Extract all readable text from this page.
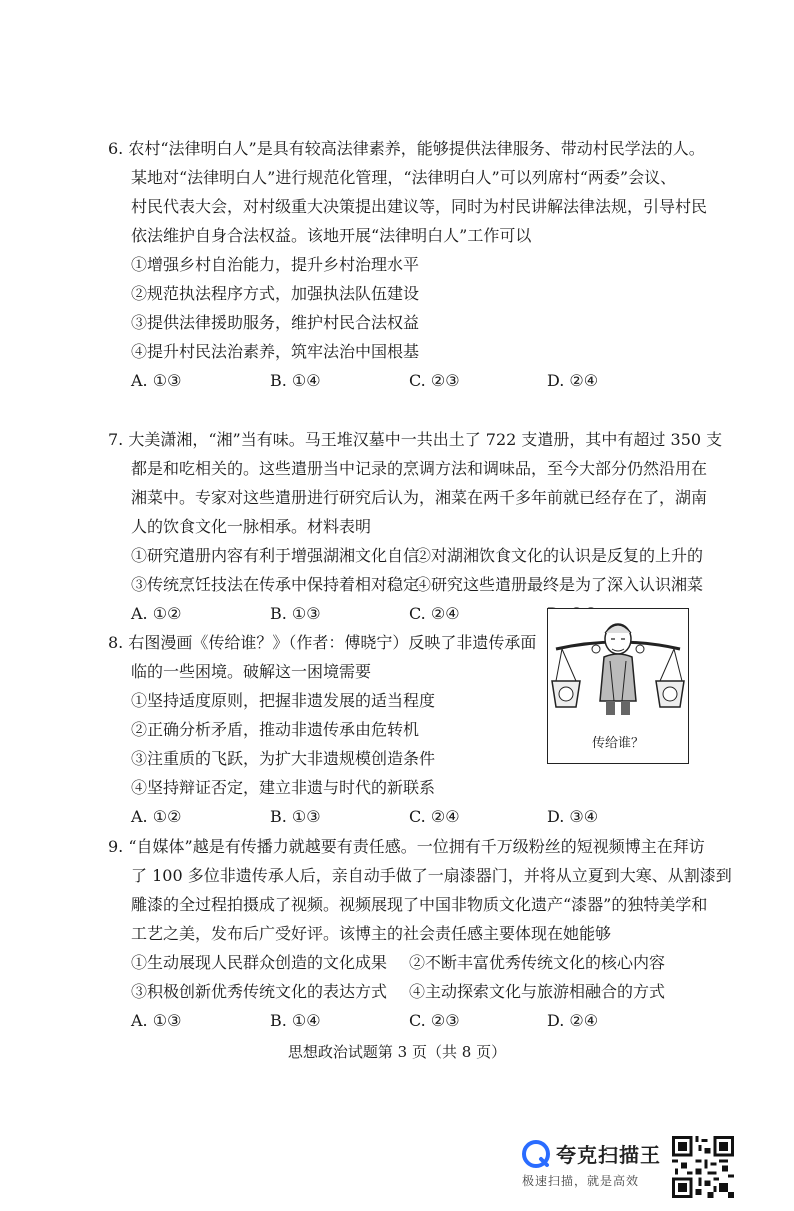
6. 农村“法律明白人”是具有较高法律素养，能够提供法律服务、带动村民学法的人。
某地对“法律明白人”进行规范化管理，“法律明白人”可以列席村“两委”会议、
村民代表大会，对村级重大决策提出建议等，同时为村民讲解法律法规，引导村民
依法维护自身合法权益。该地开展“法律明白人”工作可以
①增强乡村自治能力，提升乡村治理水平
②规范执法程序方式，加强执法队伍建设
③提供法律援助服务，维护村民合法权益
④提升村民法治素养，筑牢法治中国根基
A. ①③	B. ①④	C. ②③	D. ②④
7. 大美潇湘，“湘”当有味。马王堆汉墓中一共出土了 722 支遣册，其中有超过 350 支
都是和吃相关的。这些遣册当中记录的烹调方法和调味品，至今大部分仍然沿用在
湘菜中。专家对这些遣册进行研究后认为，湘菜在两千多年前就已经存在了，湖南
人的饮食文化一脉相承。材料表明
①研究遣册内容有利于增强湖湘文化自信
②对湖湘饮食文化的认识是反复的上升的
③传统烹饪技法在传承中保持着相对稳定
④研究这些遣册最终是为了深入认识湘菜
A. ①②	B. ①③	C. ②④
8. 右图漫画《传给谁？》（作者：傅晓宁）反映了非遗传承面
临的一些困境。破解这一困境需要
①坚持适度原则，把握非遗发展的适当程度
②正确分析矛盾，推动非遗传承由危转机
③注重质的飞跃，为扩大非遗规模创造条件
④坚持辩证否定，建立非遗与时代的新联系
A. ①②	B. ①③	C. ②④	D. ③④
传给谁？
9. “自媒体”越是有传播力就越要有责任感。一位拥有千万级粉丝的短视频博主在拜访
了 100 多位非遗传承人后，亲自动手做了一扇漆器门，并将从立夏到大寒、从割漆到
雕漆的全过程拍摄成了视频。视频展现了中国非物质文化遗产“漆器”的独特美学和
工艺之美，发布后广受好评。该博主的社会责任感主要体现在她能够
①生动展现人民群众创造的文化成果 ②不断丰富优秀传统文化的核心内容
③积极创新优秀传统文化的表达方式 ④主动探索文化与旅游相融合的方式
A. ①③	B. ①④	C. ②③	D. ②④
思想政治试题第 3 页（共 8 页）
夸克扫描王
极速扫描，就是高效
